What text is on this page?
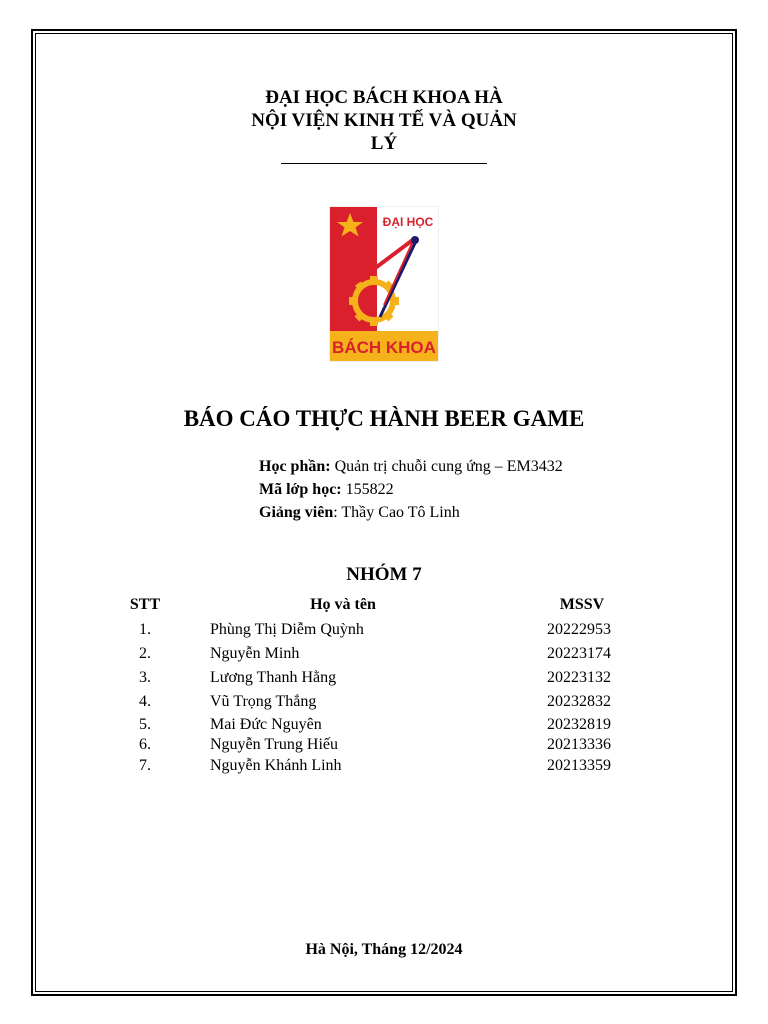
ĐẠI HỌC BÁCH KHOA HÀ
NỘI VIỆN KINH TẾ VÀ QUẢN
LÝ
ĐẠI HỌC
BÁCH KHOA
BÁO CÁO THỰC HÀNH BEER GAME
Học phần: Quản trị chuỗi cung ứng – EM3432
Mã lớp học: 155822
Giảng viên: Thầy Cao Tô Linh
NHÓM 7
STT	Họ và tên	MSSV
1.	Phùng Thị Diễm Quỳnh	20222953
2.	Nguyễn Minh	20223174
3.	Lương Thanh Hằng	20223132
4.	Vũ Trọng Thắng	20232832
5.	Mai Đức Nguyên	20232819
6.	Nguyễn Trung Hiếu	20213336
7.	Nguyễn Khánh Linh	20213359
Hà Nội, Tháng 12/2024
